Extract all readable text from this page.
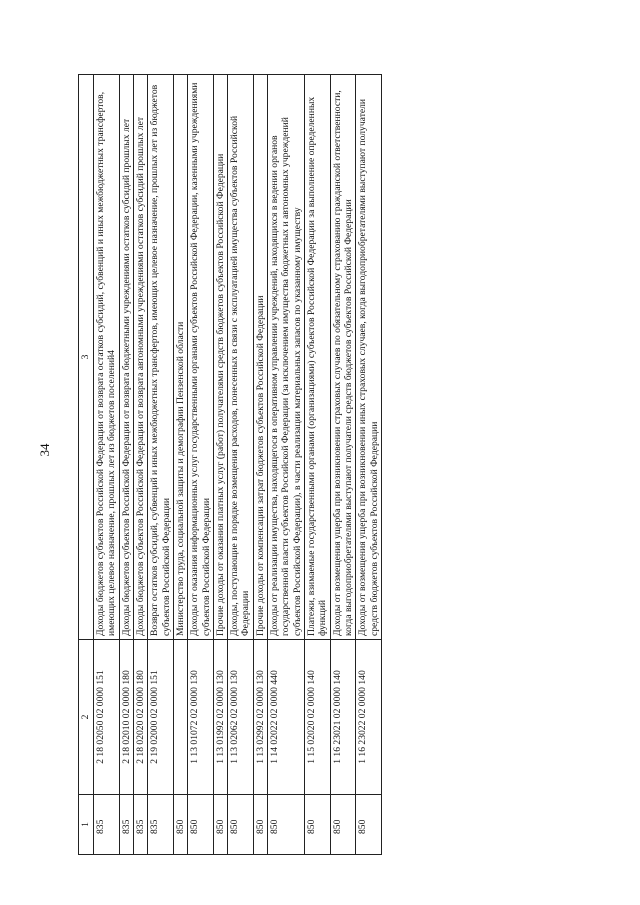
34
1	2	3
835	2 18 02050 02 0000 151	Доходы бюджетов субъектов Российской Федерации от возврата остатков субсидий, субвенций и иных межбюджетных трансфертов, имеющих целевое назначение, прошлых лет из бюджетов поселений4
835	2 18 02010 02 0000 180	Доходы бюджетов субъектов Российской Федерации от возврата бюджетными учреждениями остатков субсидий прошлых лет
835	2 18 02020 02 0000 180	Доходы бюджетов субъектов Российской Федерации от возврата автономными учреждениями остатков субсидий прошлых лет
835	2 19 02000 02 0000 151	Возврат остатков субсидий, субвенций и иных межбюджетных трансфертов, имеющих целевое назначение, прошлых лет из бюджетов субъектов Российской Федерации
850		Министерство труда, социальной защиты и демографии Пензенской области
850	1 13 01072 02 0000 130	Доходы от оказания информационных услуг государственными органами субъектов Российской Федерации, казенными учреждениями субъектов Российской Федерации
850	1 13 01992 02 0000 130	Прочие доходы от оказания платных услуг (работ) получателями средств бюджетов субъектов Российской Федерации
850	1 13 02062 02 0000 130	Доходы, поступающие в порядке возмещения расходов, понесенных в связи с эксплуатацией имущества субъектов Российской Федерации
850	1 13 02992 02 0000 130	Прочие доходы от компенсации затрат бюджетов субъектов Российской Федерации
850	1 14 02022 02 0000 440	Доходы от реализации имущества, находящегося в оперативном управлении учреждений, находящихся в ведении органов государственной власти субъектов Российской Федерации (за исключением имущества бюджетных и автономных учреждений субъектов Российской Федерации), в части реализации материальных запасов по указанному имуществу
850	1 15 02020 02 0000 140	Платежи, взимаемые государственными органами (организациями) субъектов Российской Федерации за выполнение определенных функций
850	1 16 23021 02 0000 140	Доходы от возмещения ущерба при возникновении страховых случаев по обязательному страхованию гражданской ответственности, когда выгодоприобретателями выступают получатели средств бюджетов субъектов Российской Федерации
850	1 16 23022 02 0000 140	Доходы от возмещения ущерба при возникновении иных страховых случаев, когда выгодоприобретателями выступают получатели средств бюджетов субъектов Российской Федерации
